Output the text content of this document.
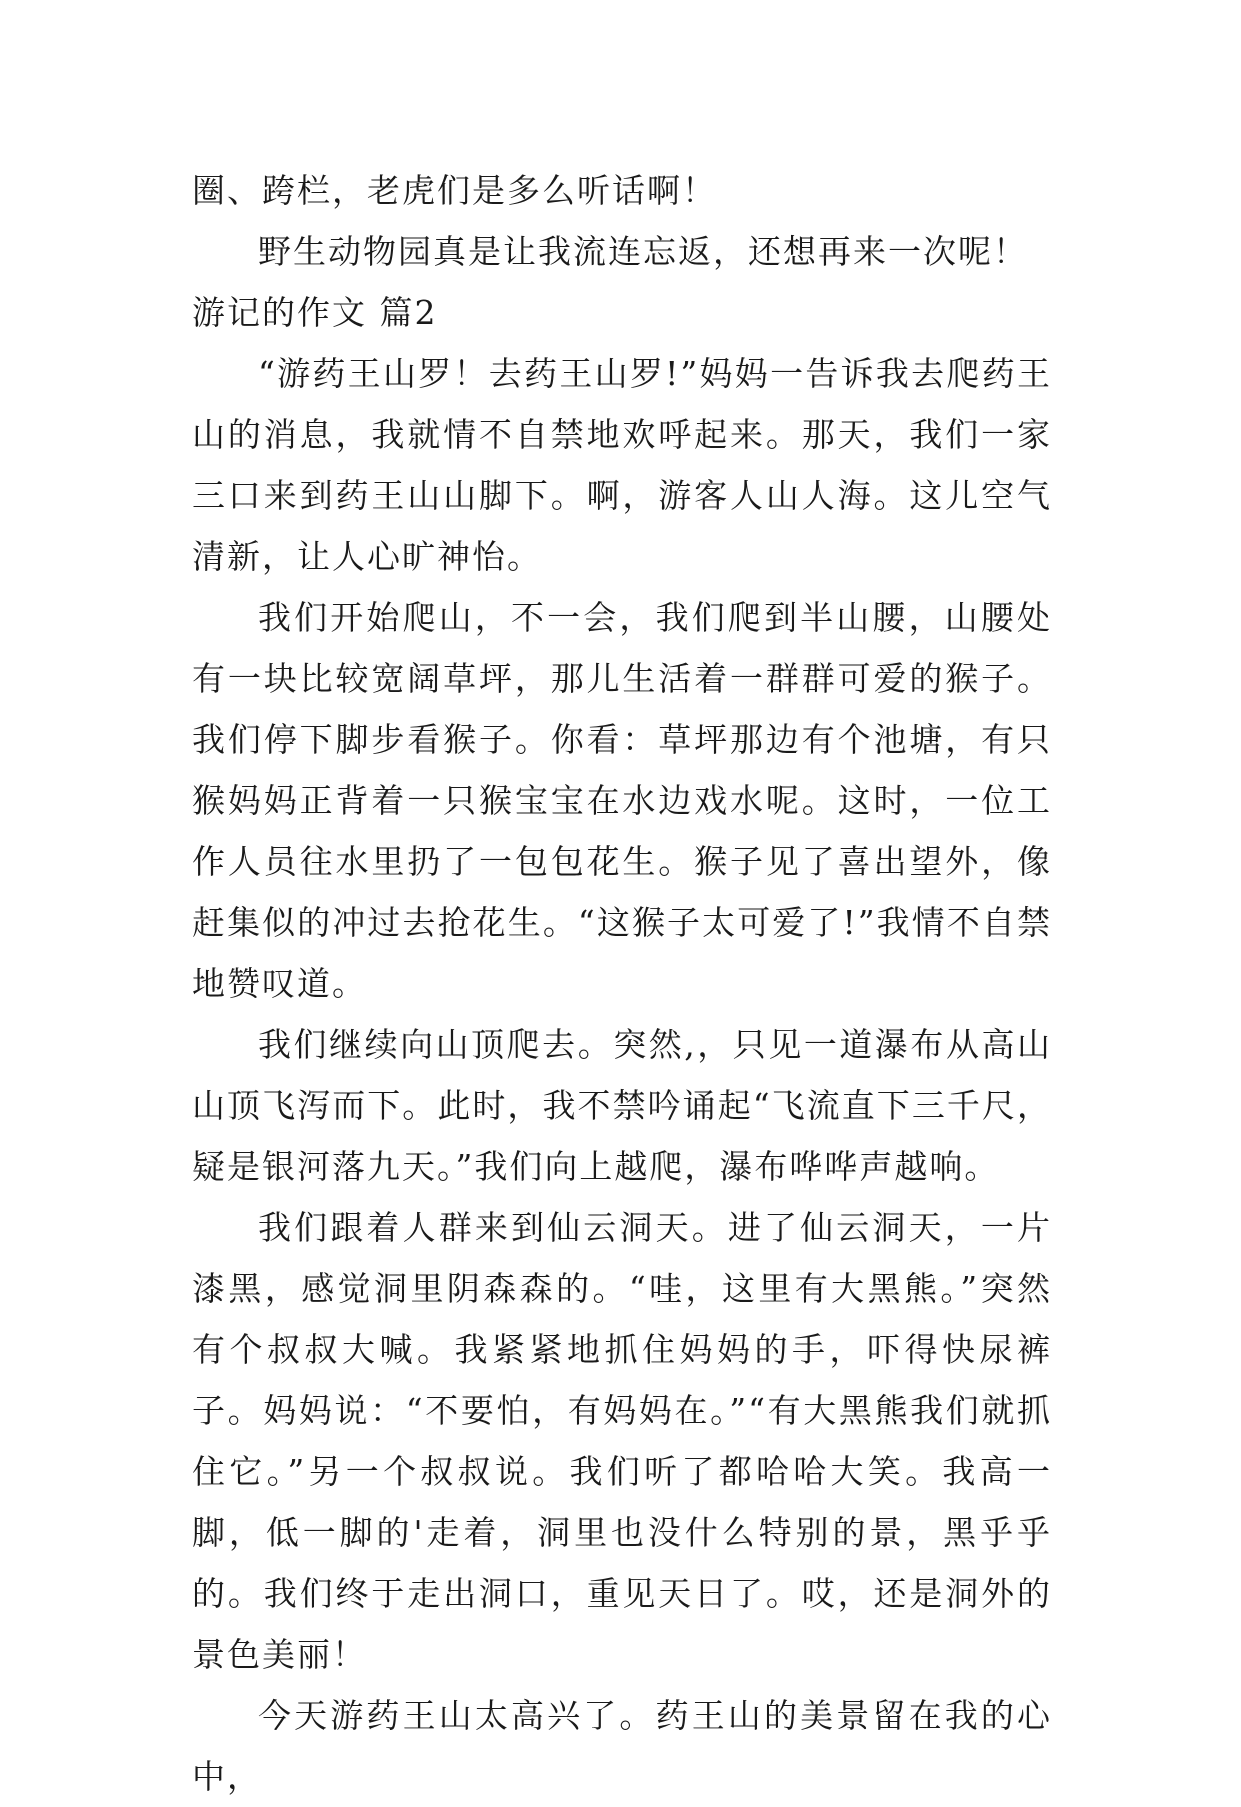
圈、跨栏，老虎们是多么听话啊！

野生动物园真是让我流连忘返，还想再来一次呢！

游记的作文 篇2

“游药王山罗！去药王山罗!”妈妈一告诉我去爬药王山的消息，我就情不自禁地欢呼起来。那天，我们一家三口来到药王山山脚下。啊，游客人山人海。这儿空气清新，让人心旷神怡。

我们开始爬山，不一会，我们爬到半山腰，山腰处有一块比较宽阔草坪，那儿生活着一群群可爱的猴子。我们停下脚步看猴子。你看：草坪那边有个池塘，有只猴妈妈正背着一只猴宝宝在水边戏水呢。这时，一位工作人员往水里扔了一包包花生。猴子见了喜出望外，像赶集似的冲过去抢花生。“这猴子太可爱了!”我情不自禁地赞叹道。

我们继续向山顶爬去。突然,，只见一道瀑布从高山山顶飞泻而下。此时，我不禁吟诵起“飞流直下三千尺，疑是银河落九天。”我们向上越爬，瀑布哗哗声越响。

我们跟着人群来到仙云洞天。进了仙云洞天，一片漆黑，感觉洞里阴森森的。“哇，这里有大黑熊。”突然有个叔叔大喊。我紧紧地抓住妈妈的手，吓得快尿裤子。妈妈说：“不要怕，有妈妈在。”“有大黑熊我们就抓住它。”另一个叔叔说。我们听了都哈哈大笑。我高一脚，低一脚的'走着，洞里也没什么特别的景，黑乎乎的。我们终于走出洞口，重见天日了。哎，还是洞外的景色美丽！

今天游药王山太高兴了。药王山的美景留在我的心中，
